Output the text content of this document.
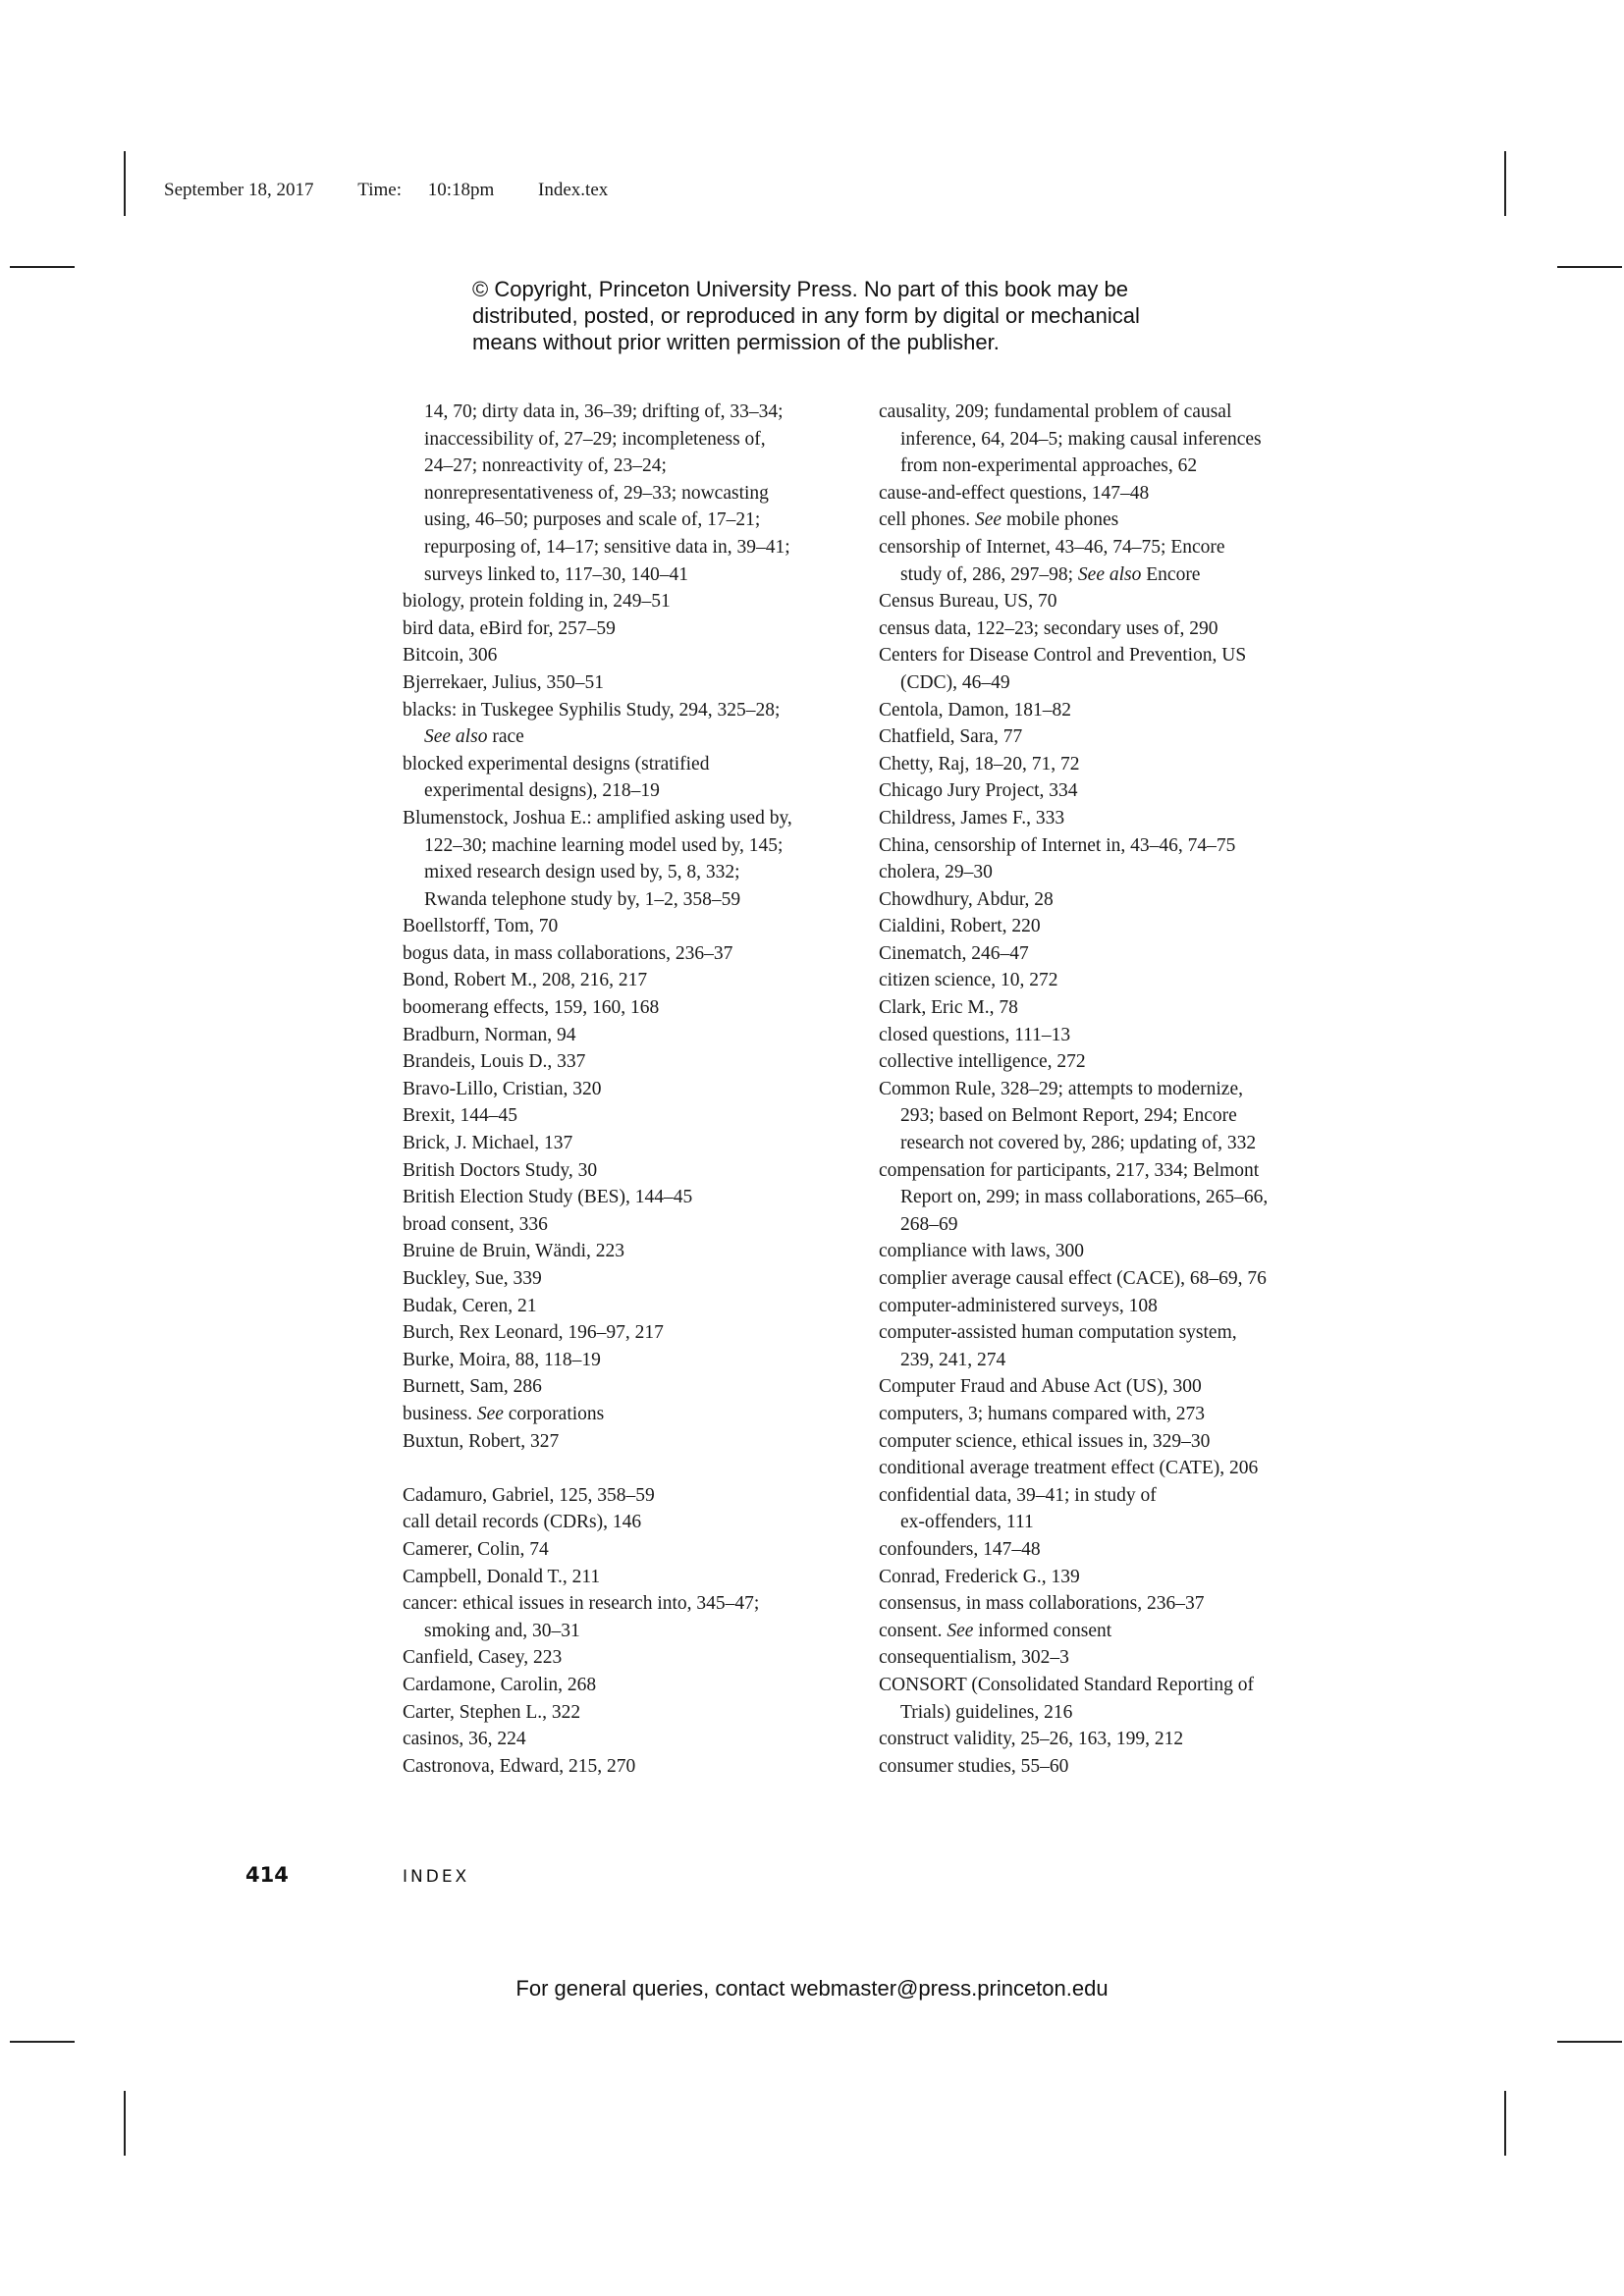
September 18, 2017 Time: 10:18pm Index.tex
© Copyright, Princeton University Press. No part of this book may be
distributed, posted, or reproduced in any form by digital or mechanical
means without prior written permission of the publisher.

14, 70; dirty data in, 36–39; drifting of, 33–34;

inaccessibility of, 27–29; incompleteness of,

24–27; nonreactivity of, 23–24;

nonrepresentativeness of, 29–33; nowcasting

using, 46–50; purposes and scale of, 17–21;

repurposing of, 14–17; sensitive data in, 39–41;

surveys linked to, 117–30, 140–41

biology, protein folding in, 249–51

bird data, eBird for, 257–59

Bitcoin, 306

Bjerrekaer, Julius, 350–51

blacks: in Tuskegee Syphilis Study, 294, 325–28;

See also race

blocked experimental designs (stratified

experimental designs), 218–19

Blumenstock, Joshua E.: amplified asking used by,

122–30; machine learning model used by, 145;

mixed research design used by, 5, 8, 332;

Rwanda telephone study by, 1–2, 358–59

Boellstorff, Tom, 70

bogus data, in mass collaborations, 236–37

Bond, Robert M., 208, 216, 217

boomerang effects, 159, 160, 168

Bradburn, Norman, 94

Brandeis, Louis D., 337

Bravo-Lillo, Cristian, 320

Brexit, 144–45

Brick, J. Michael, 137

British Doctors Study, 30

British Election Study (BES), 144–45

broad consent, 336

Bruine de Bruin, Wändi, 223

Buckley, Sue, 339

Budak, Ceren, 21

Burch, Rex Leonard, 196–97, 217

Burke, Moira, 88, 118–19

Burnett, Sam, 286

business. See corporations

Buxtun, Robert, 327

Cadamuro, Gabriel, 125, 358–59

call detail records (CDRs), 146

Camerer, Colin, 74

Campbell, Donald T., 211

cancer: ethical issues in research into, 345–47;

smoking and, 30–31

Canfield, Casey, 223

Cardamone, Carolin, 268

Carter, Stephen L., 322

casinos, 36, 224

Castronova, Edward, 215, 270

causality, 209; fundamental problem of causal

inference, 64, 204–5; making causal inferences

from non-experimental approaches, 62

cause-and-effect questions, 147–48

cell phones. See mobile phones

censorship of Internet, 43–46, 74–75; Encore

study of, 286, 297–98; See also Encore

Census Bureau, US, 70

census data, 122–23; secondary uses of, 290

Centers for Disease Control and Prevention, US

(CDC), 46–49

Centola, Damon, 181–82

Chatfield, Sara, 77

Chetty, Raj, 18–20, 71, 72

Chicago Jury Project, 334

Childress, James F., 333

China, censorship of Internet in, 43–46, 74–75

cholera, 29–30

Chowdhury, Abdur, 28

Cialdini, Robert, 220

Cinematch, 246–47

citizen science, 10, 272

Clark, Eric M., 78

closed questions, 111–13

collective intelligence, 272

Common Rule, 328–29; attempts to modernize,

293; based on Belmont Report, 294; Encore

research not covered by, 286; updating of, 332

compensation for participants, 217, 334; Belmont

Report on, 299; in mass collaborations, 265–66,

268–69

compliance with laws, 300

complier average causal effect (CACE), 68–69, 76

computer-administered surveys, 108

computer-assisted human computation system,

239, 241, 274

Computer Fraud and Abuse Act (US), 300

computers, 3; humans compared with, 273

computer science, ethical issues in, 329–30

conditional average treatment effect (CATE), 206

confidential data, 39–41; in study of

ex-offenders, 111

confounders, 147–48

Conrad, Frederick G., 139

consensus, in mass collaborations, 236–37

consent. See informed consent

consequentialism, 302–3

CONSORT (Consolidated Standard Reporting of

Trials) guidelines, 216

construct validity, 25–26, 163, 199, 212

consumer studies, 55–60

414	INDEX
For general queries, contact webmaster@press.princeton.edu
